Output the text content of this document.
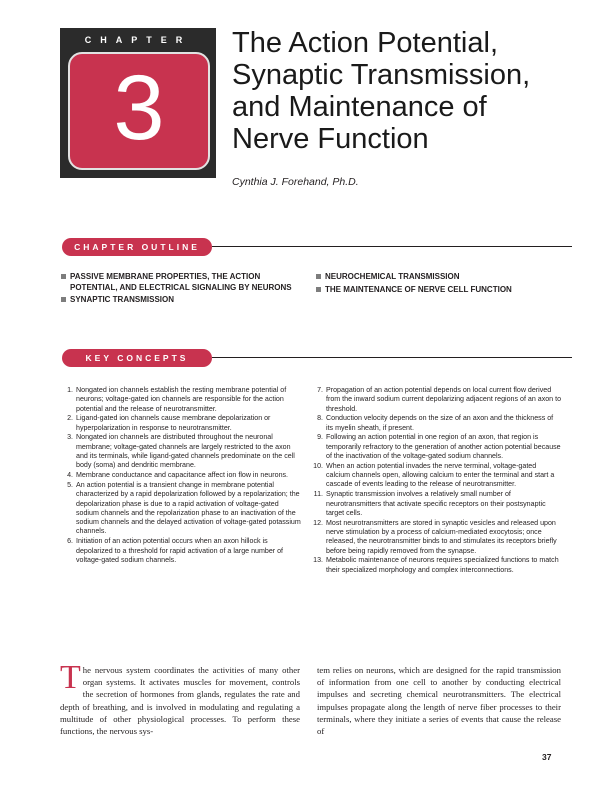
CHAPTER
3
The Action Potential,
Synaptic Transmission,
and Maintenance of
Nerve Function
Cynthia J. Forehand, Ph.D.
CHAPTER OUTLINE
PASSIVE MEMBRANE PROPERTIES, THE ACTION POTENTIAL, AND ELECTRICAL SIGNALING BY NEURONS
SYNAPTIC TRANSMISSION
NEUROCHEMICAL TRANSMISSION
THE MAINTENANCE OF NERVE CELL FUNCTION
KEY CONCEPTS
1. Nongated ion channels establish the resting membrane potential of neurons; voltage-gated ion channels are responsible for the action potential and the release of neurotransmitter.
2. Ligand-gated ion channels cause membrane depolarization or hyperpolarization in response to neurotransmitter.
3. Nongated ion channels are distributed throughout the neuronal membrane; voltage-gated channels are largely restricted to the axon and its terminals, while ligand-gated channels predominate on the cell body (soma) and dendritic membrane.
4. Membrane conductance and capacitance affect ion flow in neurons.
5. An action potential is a transient change in membrane potential characterized by a rapid depolarization followed by a repolarization; the depolarization phase is due to a rapid activation of voltage-gated sodium channels and the repolarization phase to an inactivation of the sodium channels and the delayed activation of voltage-gated potassium channels.
6. Initiation of an action potential occurs when an axon hillock is depolarized to a threshold for rapid activation of a large number of voltage-gated sodium channels.
7. Propagation of an action potential depends on local current flow derived from the inward sodium current depolarizing adjacent regions of an axon to threshold.
8. Conduction velocity depends on the size of an axon and the thickness of its myelin sheath, if present.
9. Following an action potential in one region of an axon, that region is temporarily refractory to the generation of another action potential because of the inactivation of the voltage-gated sodium channels.
10. When an action potential invades the nerve terminal, voltage-gated calcium channels open, allowing calcium to enter the terminal and start a cascade of events leading to the release of neurotransmitter.
11. Synaptic transmission involves a relatively small number of neurotransmitters that activate specific receptors on their postsynaptic target cells.
12. Most neurotransmitters are stored in synaptic vesicles and released upon nerve stimulation by a process of calcium-mediated exocytosis; once released, the neurotransmitter binds to and stimulates its receptors briefly before being rapidly removed from the synapse.
13. Metabolic maintenance of neurons requires specialized functions to match their specialized morphology and complex interconnections.
The nervous system coordinates the activities of many other organ systems. It activates muscles for movement, controls the secretion of hormones from glands, regulates the rate and depth of breathing, and is involved in modulating and regulating a multitude of other physiological processes. To perform these functions, the nervous sys-
tem relies on neurons, which are designed for the rapid transmission of information from one cell to another by conducting electrical impulses and secreting chemical neurotransmitters. The electrical impulses propagate along the length of nerve fiber processes to their terminals, where they initiate a series of events that cause the release of
37
